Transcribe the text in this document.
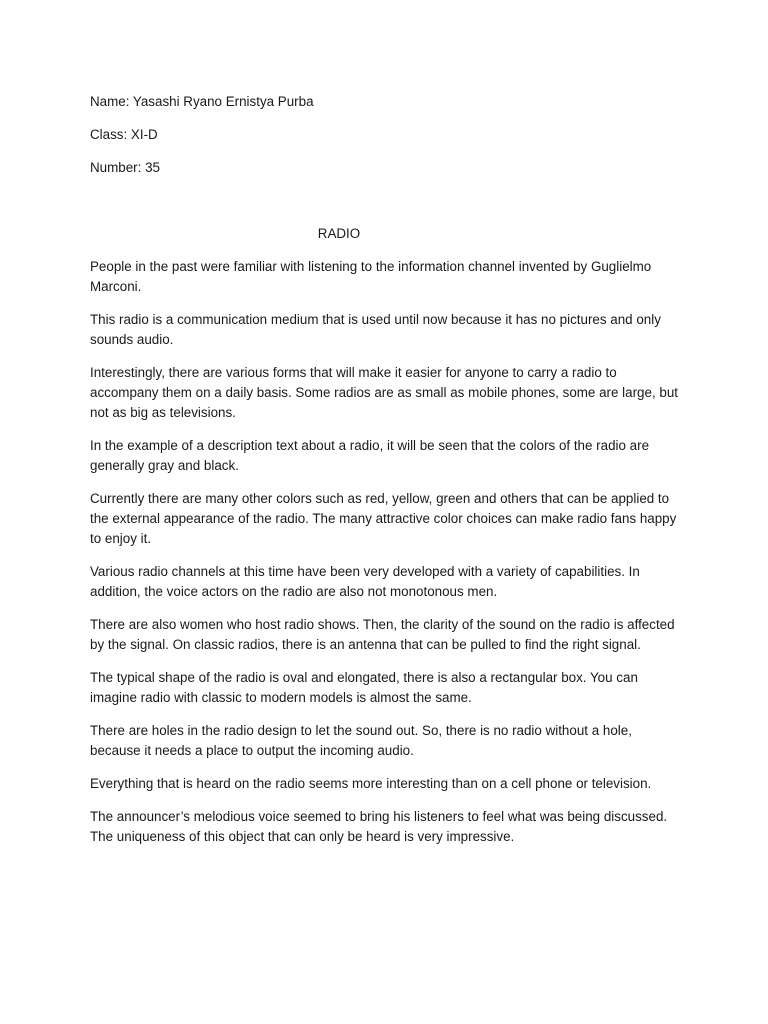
Name: Yasashi Ryano Ernistya Purba

Class: XI-D

Number: 35

RADIO

People in the past were familiar with listening to the information channel invented by Guglielmo Marconi.

This radio is a communication medium that is used until now because it has no pictures and only sounds audio.

Interestingly, there are various forms that will make it easier for anyone to carry a radio to accompany them on a daily basis. Some radios are as small as mobile phones, some are large, but not as big as televisions.

In the example of a description text about a radio, it will be seen that the colors of the radio are generally gray and black.

Currently there are many other colors such as red, yellow, green and others that can be applied to the external appearance of the radio. The many attractive color choices can make radio fans happy to enjoy it.

Various radio channels at this time have been very developed with a variety of capabilities. In addition, the voice actors on the radio are also not monotonous men.

There are also women who host radio shows. Then, the clarity of the sound on the radio is affected by the signal. On classic radios, there is an antenna that can be pulled to find the right signal.

The typical shape of the radio is oval and elongated, there is also a rectangular box. You can imagine radio with classic to modern models is almost the same.

There are holes in the radio design to let the sound out. So, there is no radio without a hole, because it needs a place to output the incoming audio.

Everything that is heard on the radio seems more interesting than on a cell phone or television.

The announcer’s melodious voice seemed to bring his listeners to feel what was being discussed. The uniqueness of this object that can only be heard is very impressive.
